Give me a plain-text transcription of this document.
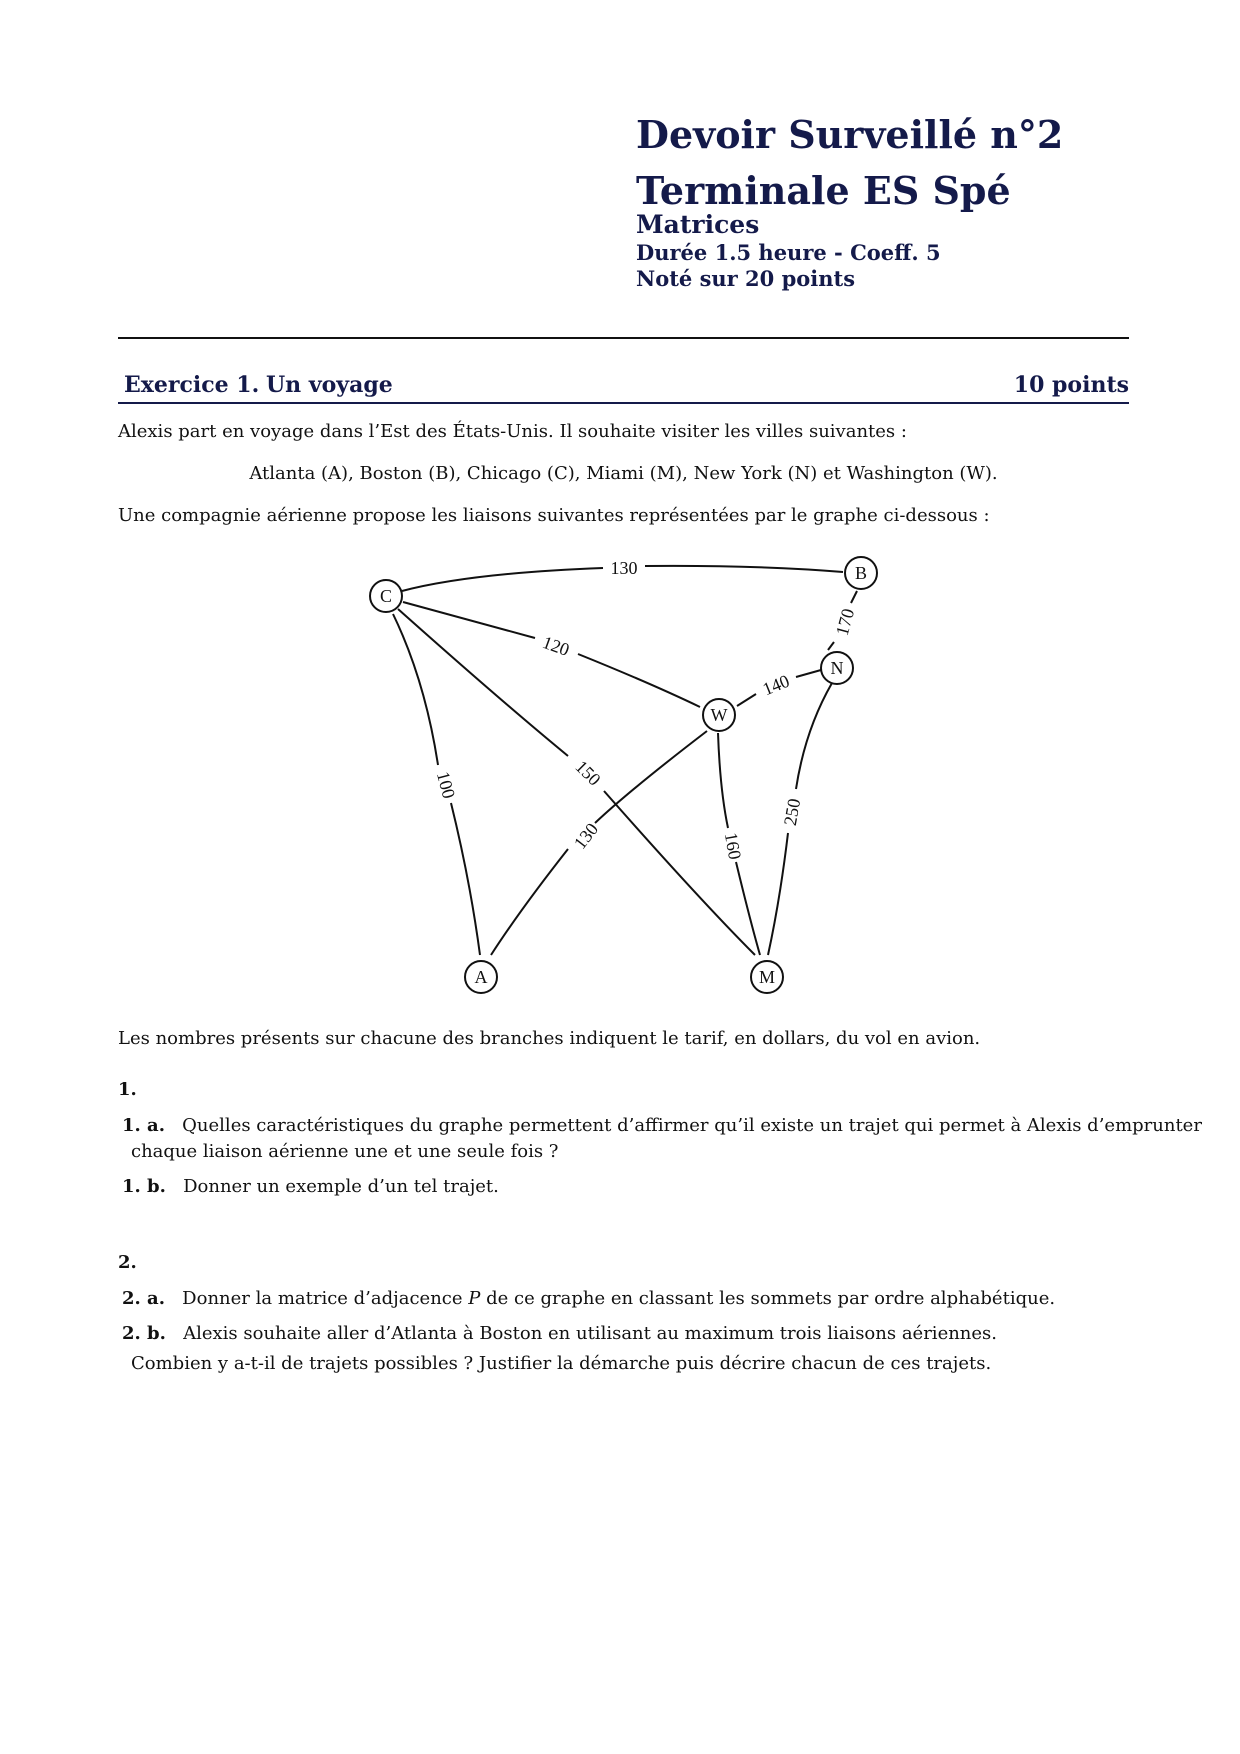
Devoir Surveillé n°2
Terminale ES Spé
Matrices
Durée 1.5 heure - Coeff. 5
Noté sur 20 points
Exercice 1. Un voyage	10 points
Alexis part en voyage dans l’Est des États-Unis. Il souhaite visiter les villes suivantes :
Atlanta (A), Boston (B), Chicago (C), Miami (M), New York (N) et Washington (W).
Une compagnie aérienne propose les liaisons suivantes représentées par le graphe ci-dessous :
130
170
120
140
100	150
130	160
250
C
B
N
W
A	M
Les nombres présents sur chacune des branches indiquent le tarif, en dollars, du vol en avion.
1.
1. a. Quelles caractéristiques du graphe permettent d’affirmer qu’il existe un trajet qui permet à Alexis d’emprunter
chaque liaison aérienne une et une seule fois ?
1. b. Donner un exemple d’un tel trajet.
2.
2. a. Donner la matrice d’adjacence P de ce graphe en classant les sommets par ordre alphabétique.
2. b. Alexis souhaite aller d’Atlanta à Boston en utilisant au maximum trois liaisons aériennes.
Combien y a-t-il de trajets possibles ? Justifier la démarche puis décrire chacun de ces trajets.
